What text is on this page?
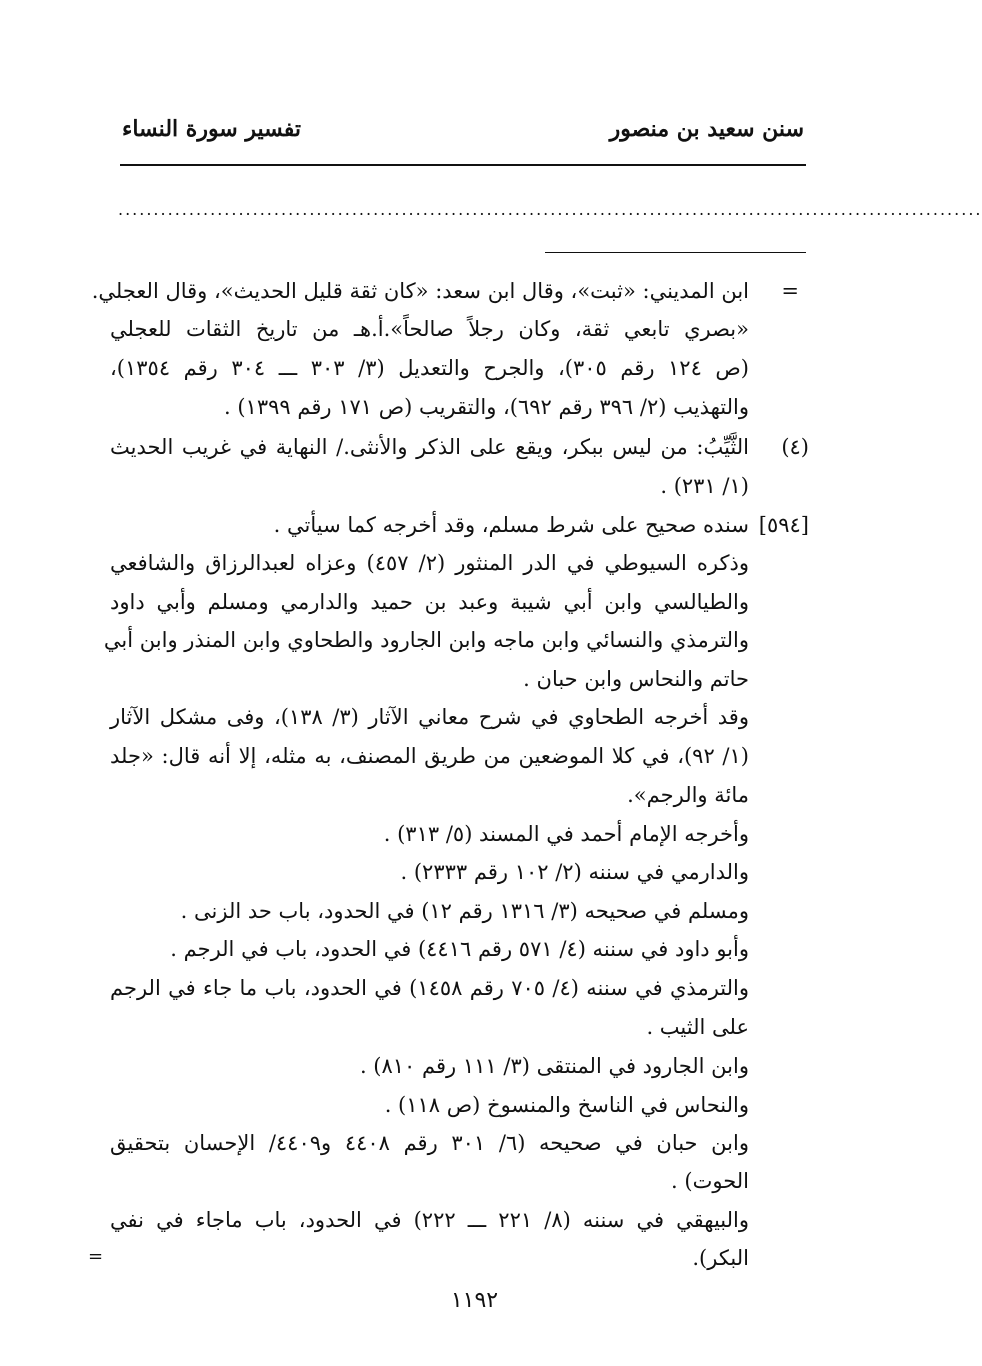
سنن سعيد بن منصور
تفسير سورة النساء
..........................................................................................................................
=
(٤)
[٥٩٤]
ابن المديني: «ثبت»، وقال ابن سعد: «كان ثقة قليل الحديث»، وقال العجلي.
«بصري تابعي ثقة، وكان رجلاً صالحاً».أ.هـ من تاريخ الثقات للعجلي
(ص ١٢٤ رقم ٣٠٥)، والجرح والتعديل (٣/ ٣٠٣ ـــ ٣٠٤ رقم ١٣٥٤)،
والتهذيب (٢/ ٣٩٦ رقم ٦٩٢)، والتقريب (ص ١٧١ رقم ١٣٩٩) .
الثَّيِّبُ: من ليس ببكر، ويقع على الذكر والأنثى./ النهاية في غريب الحديث
(١/ ٢٣١) .
سنده صحيح على شرط مسلم، وقد أخرجه كما سيأتي .
وذكره السيوطي في الدر المنثور (٢/ ٤٥٧) وعزاه لعبدالرزاق والشافعي
والطيالسي وابن أبي شيبة وعبد بن حميد والدارمي ومسلم وأبي داود
والترمذي والنسائي وابن ماجه وابن الجارود والطحاوي وابن المنذر وابن أبي
حاتم والنحاس وابن حبان .
وقد أخرجه الطحاوي في شرح معاني الآثار (٣/ ١٣٨)، وفى مشكل الآثار
(١/ ٩٢)، في كلا الموضعين من طريق المصنف، به مثله، إلا أنه قال: «جلد
مائة والرجم».
وأخرجه الإمام أحمد في المسند (٥/ ٣١٣) .
والدارمي في سننه (٢/ ١٠٢ رقم ٢٣٣٣) .
ومسلم في صحيحه (٣/ ١٣١٦ رقم ١٢) في الحدود، باب حد الزنى .
وأبو داود في سننه (٤/ ٥٧١ رقم ٤٤١٦) في الحدود، باب في الرجم .
والترمذي في سننه (٤/ ٧٠٥ رقم ١٤٥٨) في الحدود، باب ما جاء في الرجم
على الثيب .
وابن الجارود في المنتقى (٣/ ١١١ رقم ٨١٠) .
والنحاس في الناسخ والمنسوخ (ص ١١٨) .
وابن حبان في صحيحه (٦/ ٣٠١ رقم ٤٤٠٨ و٤٤٠٩/ الإحسان بتحقيق
الحوت) .
والبيهقي في سننه (٨/ ٢٢١ ـــ ٢٢٢) في الحدود، باب ماجاء في نفي
البكر).
=
١١٩٢
